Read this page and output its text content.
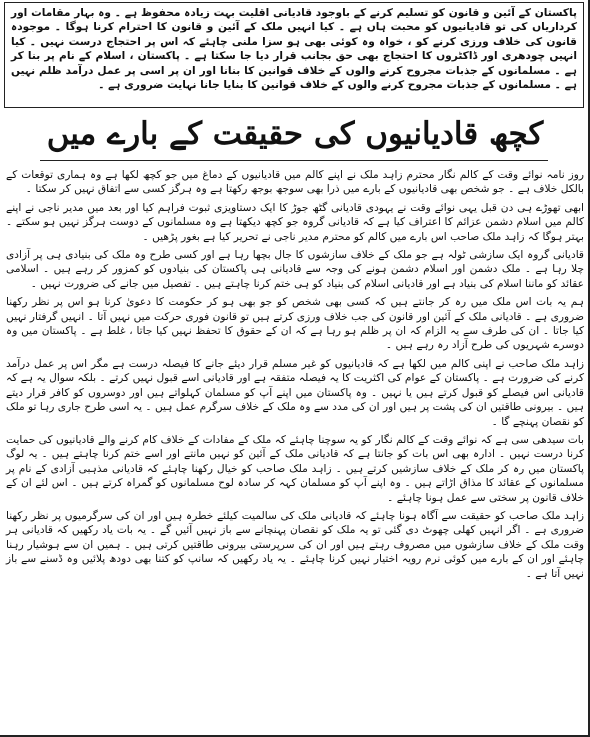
پاکستان کے آئین و قانون کو تسلیم کرنے کے باوجود قادیانی اقلیت بہت زیادہ محفوظ ہے ۔ وہ بہار مقامات اور کرداریاں کی تو قادیانیوں کو محبت ہاں ہے ۔ کیا انہیں ملک کے آئین و قانون کا احترام کرنا ہوگا ۔ موجودہ قانون کی خلاف ورزی کرنے کو ، خواہ وہ کوئی بھی ہو سزا ملنی چاہئے کہ اس پر احتجاج درست نہیں ۔ کیا انہیں چودھری اور ڈاکٹروں کا احتجاج بھی حق بجانب قرار دیا جا سکتا ہے ۔ پاکستان ، اسلام کے نام پر بنا کر ہے ۔ مسلمانوں کے جذبات مجروح کرنے والوں کے خلاف قوانین کا بنانا اور ان پر اسی پر عمل درآمد ظلم نہیں ہے ۔ مسلمانوں کے جذبات مجروح کرنے والوں کے خلاف قوانین کا بنایا جانا نہایت ضروری ہے ۔

کچھ قادیانیوں کی حقیقت کے بارے میں

روز نامہ نوائے وقت کے کالم نگار محترم زاہد ملک نے اپنے کالم میں قادیانیوں کے دماغ میں جو کچھ لکھا ہے وہ ہماری توقعات کے بالکل خلاف ہے ۔ جو شخص بھی قادیانیوں کے بارے میں ذرا بھی سوجھ بوجھ رکھتا ہے وہ ہرگز کسی سے اتفاق نہیں کر سکتا ۔

ابھی تھوڑے ہی دن قبل یہی نوائے وقت نے یہودی قادیانی گٹھ جوڑ کا ایک دستاویزی ثبوت فراہم کیا اور بعد میں مدیر ناجی نے اپنے کالم میں اسلام دشمن عزائم کا اعتراف کیا ہے کہ قادیانی گروہ جو کچھ دیکھتا ہے وہ مسلمانوں کے دوست ہرگز نہیں ہو سکتے ۔ بہتر ہوگا کہ زاہد ملک صاحب اس بارے میں کالم کو محترم مدیر ناجی نے تحریر کیا ہے بغور پڑھیں ۔

قادیانی گروہ ایک سازشی ٹولہ ہے جو ملک کے خلاف سازشوں کا جال بچھا رہا ہے اور کسی طرح وہ ملک کی بنیادی ہی پر آزادی چلا رہا ہے ۔ ملک دشمن اور اسلام دشمن ہونے کی وجہ سے قادیانی ہی پاکستان کی بنیادوں کو کمزور کر رہے ہیں ۔ اسلامی عقائد کو ماننا اسلام کی بنیاد ہے اور قادیانی اسلام کی بنیاد کو ہی ختم کرنا چاہتے ہیں ۔ تفصیل میں جانے کی ضرورت نہیں ۔

ہم یہ بات اس ملک میں رہ کر جانتے ہیں کہ کسی بھی شخص کو جو بھی ہو کر حکومت کا دعویٰ کرنا ہو اس پر نظر رکھنا ضروری ہے ۔ قادیانی ملک کے آئین اور قانون کی جب خلاف ورزی کرتے ہیں تو قانون فوری حرکت میں نہیں آتا ۔ انہیں گرفتار نہیں کیا جاتا ۔ ان کی طرف سے یہ الزام کہ ان پر ظلم ہو رہا ہے کہ ان کے حقوق کا تحفظ نہیں کیا جاتا ، غلط ہے ۔ پاکستان میں وہ دوسرے شہریوں کی طرح آزاد رہ رہے ہیں ۔

زاہد ملک صاحب نے اپنی کالم میں لکھا ہے کہ قادیانیوں کو غیر مسلم قرار دیئے جانے کا فیصلہ درست ہے مگر اس پر عمل درآمد کرنے کی ضرورت ہے ۔ پاکستان کے عوام کی اکثریت کا یہ فیصلہ متفقہ ہے اور قادیانی اسے قبول نہیں کرتے ۔ بلکہ سوال یہ ہے کہ قادیانی اس فیصلے کو قبول کرتے ہیں یا نہیں ۔ وہ پاکستان میں اپنے آپ کو مسلمان کہلواتے ہیں اور دوسروں کو کافر قرار دیتے ہیں ۔ بیرونی طاقتیں ان کی پشت پر ہیں اور ان کی مدد سے وہ ملک کے خلاف سرگرم عمل ہیں ۔ یہ اسی طرح جاری رہا تو ملک کو نقصان پہنچے گا ۔

بات سیدھی سی ہے کہ نوائے وقت کے کالم نگار کو یہ سوچنا چاہئے کہ ملک کے مفادات کے خلاف کام کرنے والے قادیانیوں کی حمایت کرنا درست نہیں ۔ ادارہ بھی اس بات کو جانتا ہے کہ قادیانی ملک کے آئین کو نہیں مانتے اور اسے ختم کرنا چاہتے ہیں ۔ یہ لوگ پاکستان میں رہ کر ملک کے خلاف سازشیں کرتے ہیں ۔ زاہد ملک صاحب کو خیال رکھنا چاہئے کہ قادیانی مذہبی آزادی کے نام پر مسلمانوں کے عقائد کا مذاق اڑاتے ہیں ۔ وہ اپنے آپ کو مسلمان کہہ کر سادہ لوح مسلمانوں کو گمراہ کرتے ہیں ۔ اس لئے ان کے خلاف قانون پر سختی سے عمل ہونا چاہئے ۔

زاہد ملک صاحب کو حقیقت سے آگاہ ہونا چاہئے کہ قادیانی ملک کی سالمیت کیلئے خطرہ ہیں اور ان کی سرگرمیوں پر نظر رکھنا ضروری ہے ۔ اگر انہیں کھلی چھوٹ دی گئی تو یہ ملک کو نقصان پہنچانے سے باز نہیں آئیں گے ۔ یہ بات یاد رکھیں کہ قادیانی ہر وقت ملک کے خلاف سازشوں میں مصروف رہتے ہیں اور ان کی سرپرستی بیرونی طاقتیں کرتی ہیں ۔ ہمیں ان سے ہوشیار رہنا چاہئے اور ان کے بارے میں کوئی نرم رویہ اختیار نہیں کرنا چاہئے ۔ یہ یاد رکھیں کہ سانپ کو کتنا بھی دودھ پلائیں وہ ڈسنے سے باز نہیں آتا ہے ۔
